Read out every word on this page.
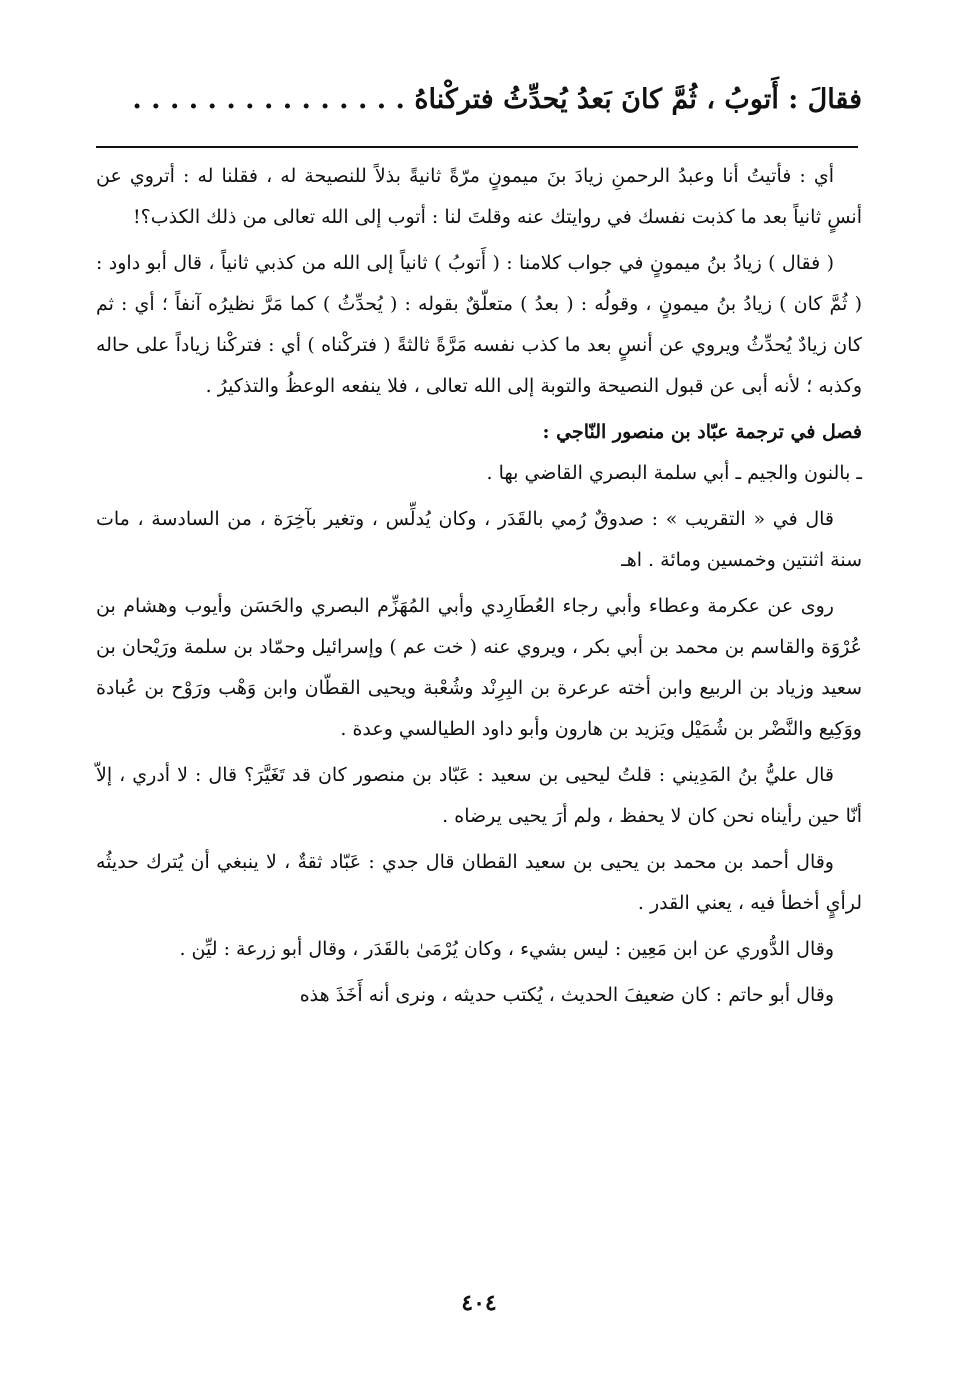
فقالَ : أَتوبُ ، ثُمَّ كانَ بَعدُ يُحدِّثُ فتركْناهُ . . . . . . . . . . . . . . .

أي : فأتيتُ أنا وعبدُ الرحمنِ زيادَ بنَ ميمونٍ مرّةً ثانيةً بذلاً للنصيحة له ، فقلنا له : أتروي عن أنسٍ ثانياً بعد ما كذبت نفسك في روايتك عنه وقلتَ لنا : أتوب إلى الله تعالى من ذلك الكذب؟!

( فقال ) زيادُ بنُ ميمونٍ في جواب كلامنا : ( أَتوبُ ) ثانياً إلى الله من كذبي ثانياً ، قال أبو داود : ( ثُمَّ كان ) زيادُ بنُ ميمونٍ ، وقولُه : ( بعدُ ) متعلّقٌ بقوله : ( يُحدِّثُ ) كما مَرَّ نظيرُه آنفاً ؛ أي : ثم كان زيادٌ يُحدِّثُ ويروي عن أنسٍ بعد ما كذب نفسه مَرَّةً ثالثةً ( فتركْناه ) أي : فتركْنا زياداً على حاله وكذبه ؛ لأنه أبى عن قبول النصيحة والتوبة إلى الله تعالى ، فلا ينفعه الوعظُ والتذكيرُ .

فصل في ترجمة عبّاد بن منصور النّاجي :

ـ بالنون والجيم ـ أبي سلمة البصري القاضي بها .

قال في « التقريب » : صدوقٌ رُمي بالقَدَر ، وكان يُدلِّس ، وتغير بآخِرَة ، من السادسة ، مات سنة اثنتين وخمسين ومائة . اهـ

روى عن عكرمة وعطاء وأبي رجاء العُطَارِدي وأبي المُهَزِّم البصري والحَسَن وأيوب وهشام بن عُرْوَة والقاسم بن محمد بن أبي بكر ، ويروي عنه ( خت عم ) وإسرائيل وحمّاد بن سلمة ورَيْحان بن سعيد وزياد بن الربيع وابن أخته عرعرة بن البِرِنْد وشُعْبة ويحيى القطّان وابن وَهْب ورَوْح بن عُبادة ووَكِيع والنَّضْر بن شُمَيْل ويَزيد بن هارون وأبو داود الطيالسي وعدة .

قال عليُّ بنُ المَدِيني : قلتُ ليحيى بن سعيد : عَبّاد بن منصور كان قد تَغَيَّرَ؟ قال : لا أدري ، إلاّ أنّا حين رأيناه نحن كان لا يحفظ ، ولم أرَ يحيى يرضاه .

وقال أحمد بن محمد بن يحيى بن سعيد القطان قال جدي : عَبّاد ثقةٌ ، لا ينبغي أن يُترك حديثُه لرأيٍ أخطأ فيه ، يعني القدر .

وقال الدُّوري عن ابن مَعِين : ليس بشيء ، وكان يُرْمَىٰ بالقَدَر ، وقال أبو زرعة : ليِّن .

وقال أبو حاتم : كان ضعيفَ الحديث ، يُكتب حديثه ، ونرى أنه أَخَذَ هذه

٤٠٤
